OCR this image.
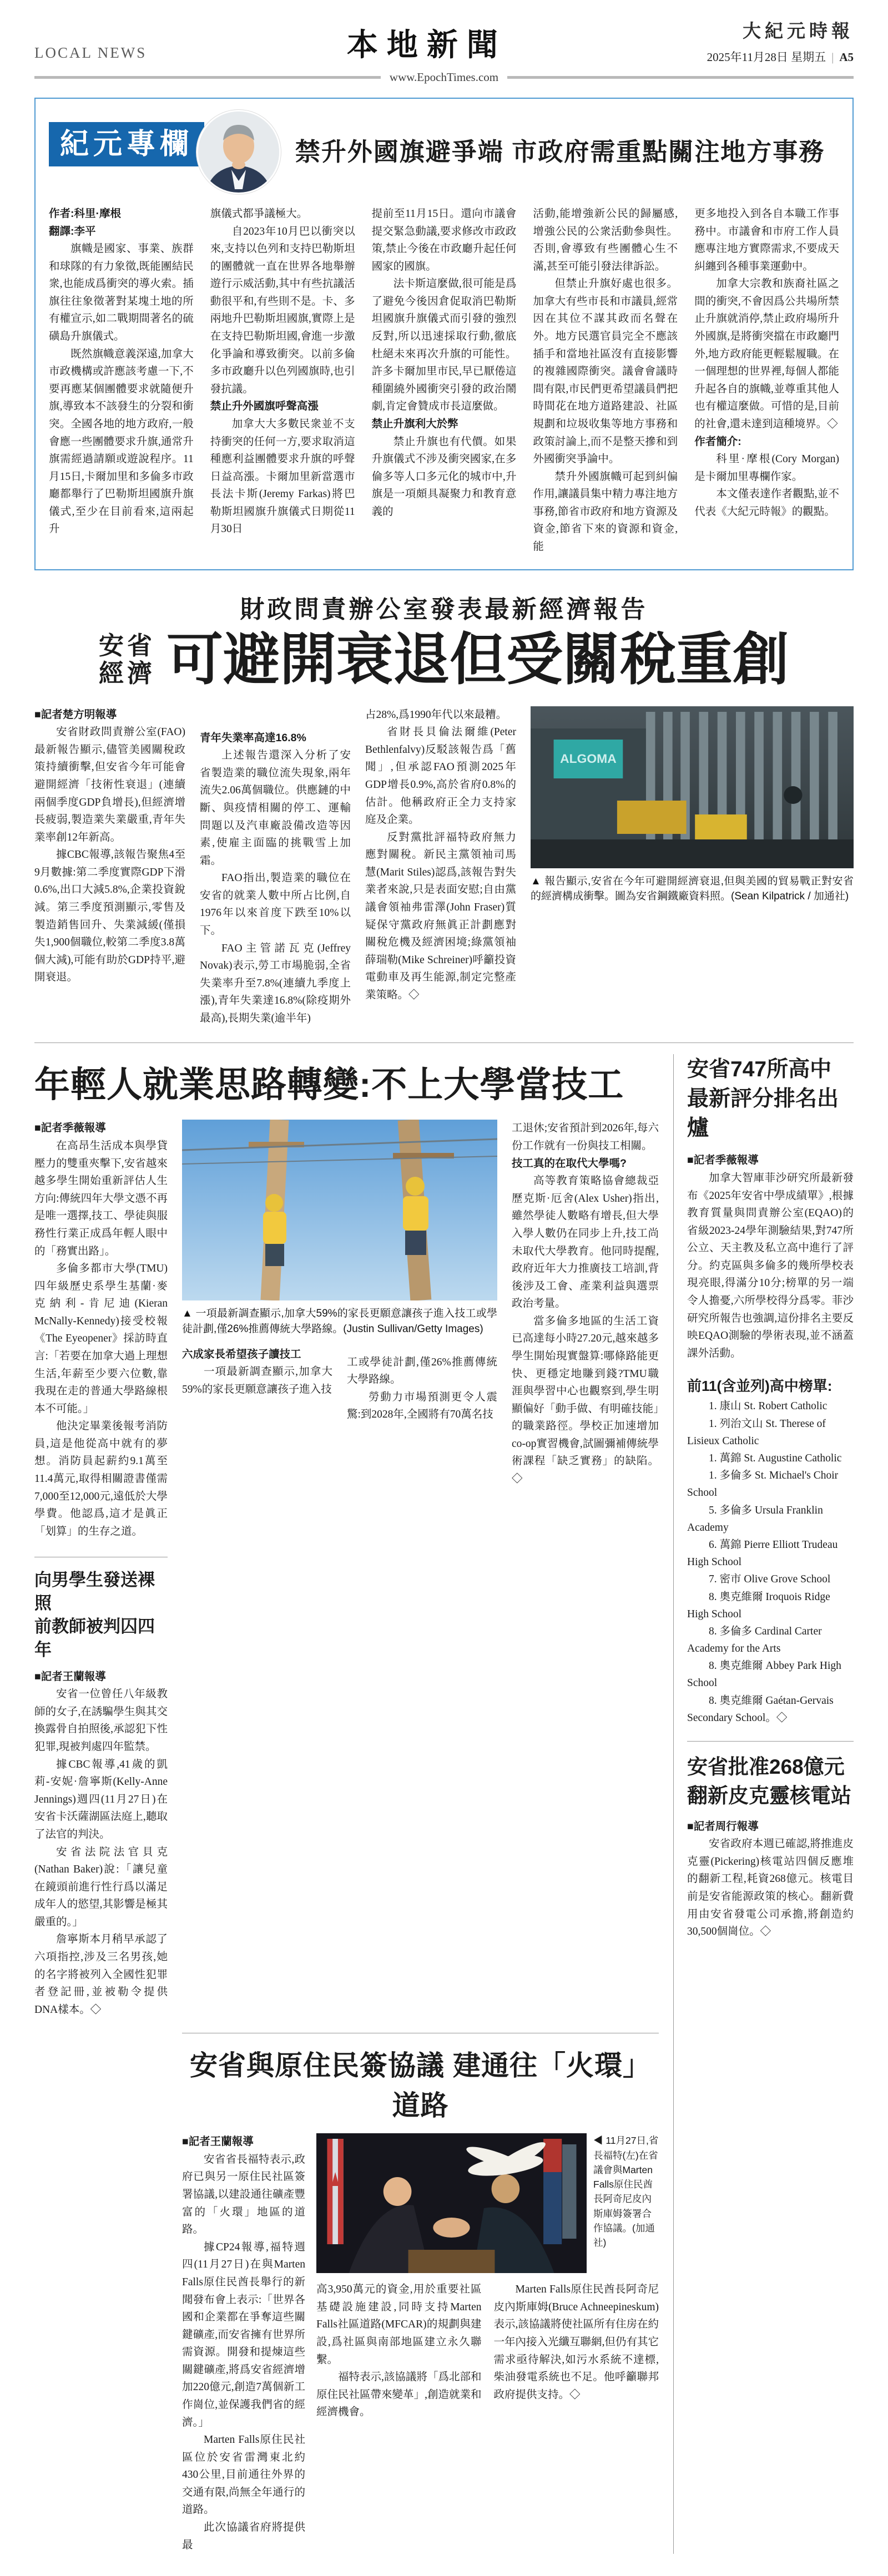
LOCAL NEWS	本地新聞	大紀元時報
2025年11月28日 星期五 | A5
www.EpochTimes.com
紀元專欄	禁升外國旗避爭端 市政府需重點關注地方事務

作者:科里·摩根

翻譯:李平

旗幟是國家、事業、族群和球隊的有力象徵,既能團結民衆,也能成爲衝突的導火索。插旗往往象徵著對某塊土地的所有權宣示,如二戰期間著名的硫磺島升旗儀式。

既然旗幟意義深遠,加拿大市政機構或許應該考慮一下,不要再應某個團體要求就隨便升旗,導致本不該發生的分裂和衝突。全國各地的地方政府,一般會應一些團體要求升旗,通常升旗需經過請願或遊說程序。11月15日,卡爾加里和多倫多市政廳都舉行了巴勒斯坦國旗升旗儀式,至少在目前看來,這兩起升

旗儀式都爭議極大。

自2023年10月巴以衝突以來,支持以色列和支持巴勒斯坦的團體就一直在世界各地舉辦遊行示威活動,其中有些抗議活動很平和,有些則不是。卡、多兩地升巴勒斯坦國旗,實際上是在支持巴勒斯坦國,會進一步激化爭論和導致衝突。以前多倫多市政廳升以色列國旗時,也引發抗議。

禁止升外國旗呼聲高漲

加拿大大多數民衆並不支持衝突的任何一方,要求取消這種應利益團體要求升旗的呼聲日益高漲。卡爾加里新當選市長法卡斯(Jeremy Farkas)將巴勒斯坦國旗升旗儀式日期從11月30日

提前至11月15日。還向市議會提交緊急動議,要求修改市政政策,禁止今後在市政廳升起任何國家的國旗。

法卡斯這麼做,很可能是爲了避免今後因倉促取消巴勒斯坦國旗升旗儀式而引發的強烈反對,所以迅速採取行動,徹底杜絕未來再次升旗的可能性。許多卡爾加里市民,早已厭倦這種圍繞外國衝突引發的政治鬧劇,肯定會贊成市長這麼做。

禁止升旗利大於弊

禁止升旗也有代價。如果升旗儀式不涉及衝突國家,在多倫多等人口多元化的城市中,升旗是一項頗具凝聚力和教育意義的

活動,能增強新公民的歸屬感,增強公民的公衆活動參與性。否則,會導致有些團體心生不滿,甚至可能引發法律訴訟。

但禁止升旗好處也很多。加拿大有些市長和市議員,經常因在其位不謀其政而名聲在外。地方民選官員完全不應該插手和當地社區沒有直接影響的複雜國際衝突。議會會議時間有限,市民們更希望議員們把時間花在地方道路建設、社區規劃和垃圾收集等地方事務和政策討論上,而不是整天摻和到外國衝突爭論中。

禁升外國旗幟可起到糾偏作用,讓議員集中精力專注地方事務,節省市政府和地方資源及資金,節省下來的資源和資金,能

更多地投入到各自本職工作事務中。市議會和市府工作人員應專注地方實際需求,不要成天糾纏到各種事業運動中。

加拿大宗教和族裔社區之間的衝突,不會因爲公共場所禁止升旗就消停,禁止政府場所升外國旗,是將衝突擋在市政廳門外,地方政府能更輕鬆履職。在一個理想的世界裡,每個人都能升起各自的旗幟,並尊重其他人也有權這麼做。可惜的是,目前的社會,還未達到這種境界。◇

作者簡介:

科里·摩根(Cory Morgan)是卡爾加里專欄作家。

本文僅表達作者觀點,並不代表《大紀元時報》的觀點。

財政問責辦公室發表最新經濟報告
安省
經濟 可避開衰退但受關稅重創

■記者楚方明報導

安省財政問責辦公室(FAO)最新報告顯示,儘管美國關稅政策持續衝擊,但安省今年可能會避開經濟「技術性衰退」(連續兩個季度GDP負增長),但經濟增長疲弱,製造業失業嚴重,青年失業率創12年新高。

據CBC報導,該報告聚焦4至9月數據:第二季度實際GDP下滑0.6%,出口大減5.8%,企業投資銳減。第三季度預測顯示,零售及製造銷售回升、失業減緩(僅損失1,900個職位,較第二季度3.8萬個大減),可能有助於GDP持平,避開衰退。

青年失業率高達16.8%

上述報告還深入分析了安省製造業的職位流失現象,兩年流失2.06萬個職位。供應鏈的中斷、與疫情相關的停工、運輸問題以及汽車廠設備改造等因素,使雇主面臨的挑戰雪上加霜。

FAO指出,製造業的職位在安省的就業人數中所占比例,自1976年以來首度下跌至10%以下。

FAO主管諾瓦克(Jeffrey Novak)表示,勞工市場脆弱,全省失業率升至7.8%(連續九季度上漲),青年失業達16.8%(除疫期外最高),長期失業(逾半年)

占28%,爲1990年代以來最糟。

省財長貝倫法爾維(Peter Bethlenfalvy)反駁該報告爲「舊聞」,但承認FAO預測2025年GDP增長0.9%,高於省府0.8%的估計。他稱政府正全力支持家庭及企業。

反對黨批評福特政府無力應對關稅。新民主黨領袖司馬慧(Marit Stiles)認爲,該報告對失業者來說,只是表面安慰;自由黨議會領袖弗雷澤(John Fraser)質疑保守黨政府無眞正計劃應對關稅危機及經濟困境;綠黨領袖薛瑞勒(Mike Schreiner)呼籲投資電動車及再生能源,制定完整產業策略。◇

ALGOMA
▲ 報告顯示,安省在今年可避開經濟衰退,但與美國的貿易戰正對安省的經濟構成衝擊。圖為安省鋼鐵廠資料照。(Sean Kilpatrick / 加通社)
年輕人就業思路轉變:不上大學當技工

■記者季薇報導

在高昂生活成本與學貸壓力的雙重夾擊下,安省越來越多學生開始重新評估人生方向:傳統四年大學文憑不再是唯一選擇,技工、學徒與服務性行業正成爲年輕人眼中的「務實出路」。

多倫多都市大學(TMU)四年級歷史系學生基蘭·麥克納利-肯尼迪(Kieran McNally-Kennedy)接受校報《The Eyeopener》採訪時直言:「若要在加拿大過上理想生活,年薪至少要六位數,靠我現在走的普通大學路線根本不可能。」

他決定畢業後報考消防員,這是他從高中就有的夢想。消防員起薪約9.1萬至11.4萬元,取得相關證書僅需7,000至12,000元,遠低於大學學費。他認爲,這才是眞正「划算」的生存之道。

向男學生發送裸照
前教師被判囚四年

■記者王蘭報導

安省一位曾任八年級教師的女子,在誘騙學生與其交換露骨自拍照後,承認犯下性犯罪,現被判處四年監禁。

據CBC報導,41歲的凱莉-安妮·詹寧斯(Kelly-Anne Jennings)週四(11月27日)在安省卡沃薩湖區法庭上,聽取了法官的判決。

安省法院法官貝克(Nathan Baker)說:「讓兒童在鏡頭前進行性行爲以滿足成年人的慾望,其影響是極其嚴重的。」

詹寧斯本月稍早承認了六項指控,涉及三名男孩,她的名字將被列入全國性犯罪者登記冊,並被勒令提供DNA樣本。◇

▲ 一項最新調查顯示,加拿大59%的家長更願意讓孩子進入技工或學徒計劃,僅26%推薦傳統大學路線。(Justin Sullivan/Getty Images)

六成家長希望孩子讀技工

一項最新調查顯示,加拿大59%的家長更願意讓孩子進入技

工或學徒計劃,僅26%推薦傳統大學路線。

勞動力市場預測更令人震驚:到2028年,全國將有70萬名技

工退休;安省預計到2026年,每六份工作就有一份與技工相關。

技工真的在取代大學嗎?

高等教育策略協會總裁亞歷克斯·厄舍(Alex Usher)指出,雖然學徒人數略有增長,但大學入學人數仍在同步上升,技工尚未取代大學教育。他同時提醒,政府近年大力推廣技工培訓,背後涉及工會、產業利益與選票政治考量。

當多倫多地區的生活工資已高達每小時27.20元,越來越多學生開始現實盤算:哪條路能更快、更穩定地賺到錢?TMU職涯與學習中心也觀察到,學生明顯偏好「動手做、有明確技能」的職業路徑。學校正加速增加co-op實習機會,試圖彌補傳統學術課程「缺乏實務」的缺陷。◇

安省與原住民簽協議 建通往「火環」道路

■記者王蘭報導

安省省長福特表示,政府已與另一原住民社區簽署協議,以建設通往礦產豐富的「火環」地區的道路。

據CP24報導,福特週四(11月27日)在與Marten Falls原住民酋長舉行的新聞發布會上表示:「世界各國和企業都在爭奪這些關鍵礦產,而安省擁有世界所需資源。開發和提煉這些關鍵礦產,將爲安省經濟增加220億元,創造7萬個新工作崗位,並保護我們省的經濟。」

Marten Falls原住民社區位於安省雷灣東北約430公里,目前通往外界的交通有限,尚無全年通行的道路。

此次協議省府將提供最

◀ 11月27日,省長福特(左)在省議會與Marten Falls原住民酋長阿奇尼皮內斯庫姆簽署合作協議。(加通社)

高3,950萬元的資金,用於重要社區基礎設施建設,同時支持Marten Falls社區道路(MFCAR)的規劃與建設,爲社區與南部地區建立永久聯繫。

福特表示,該協議將「爲北部和原住民社區帶來變革」,創造就業和經濟機會。

Marten Falls原住民酋長阿奇尼皮內斯庫姆(Bruce Achneepineskum)表示,該協議將使社區所有住房在約一年內接入光纖互聯網,但仍有其它需求亟待解決,如污水系統不達標,柴油發電系統也不足。他呼籲聯邦政府提供支持。◇

安省747所高中
最新評分排名出爐

■記者季薇報導

加拿大智庫菲沙研究所最新發布《2025年安省中學成績單》,根據教育質量與問責辦公室(EQAO)的省級2023-24學年測驗結果,對747所公立、天主教及私立高中進行了評分。約克區與多倫多的幾所學校表現亮眼,得滿分10分;榜單的另一端令人擔憂,六所學校得分爲零。菲沙研究所報告也強調,這份排名主要反映EQAO測驗的學術表現,並不涵蓋課外活動。

前11(含並列)高中榜單:

1. 康山 St. Robert Catholic

1. 列治文山 St. Therese of Lisieux Catholic

1. 萬錦 St. Augustine Catholic

1. 多倫多 St. Michael's Choir School

5. 多倫多 Ursula Franklin Academy

6. 萬錦 Pierre Elliott Trudeau High School

7. 密市 Olive Grove School

8. 奧克維爾 Iroquois Ridge High School

8. 多倫多 Cardinal Carter Academy for the Arts

8. 奧克維爾 Abbey Park High School

8. 奧克維爾 Gaétan-Gervais Secondary School。◇

安省批准268億元
翻新皮克靈核電站

■記者周行報導

安省政府本週已確認,將推進皮克靈(Pickering)核電站四個反應堆的翻新工程,耗資268億元。核電目前是安省能源政策的核心。翻新費用由安省發電公司承擔,將創造約30,500個崗位。◇
